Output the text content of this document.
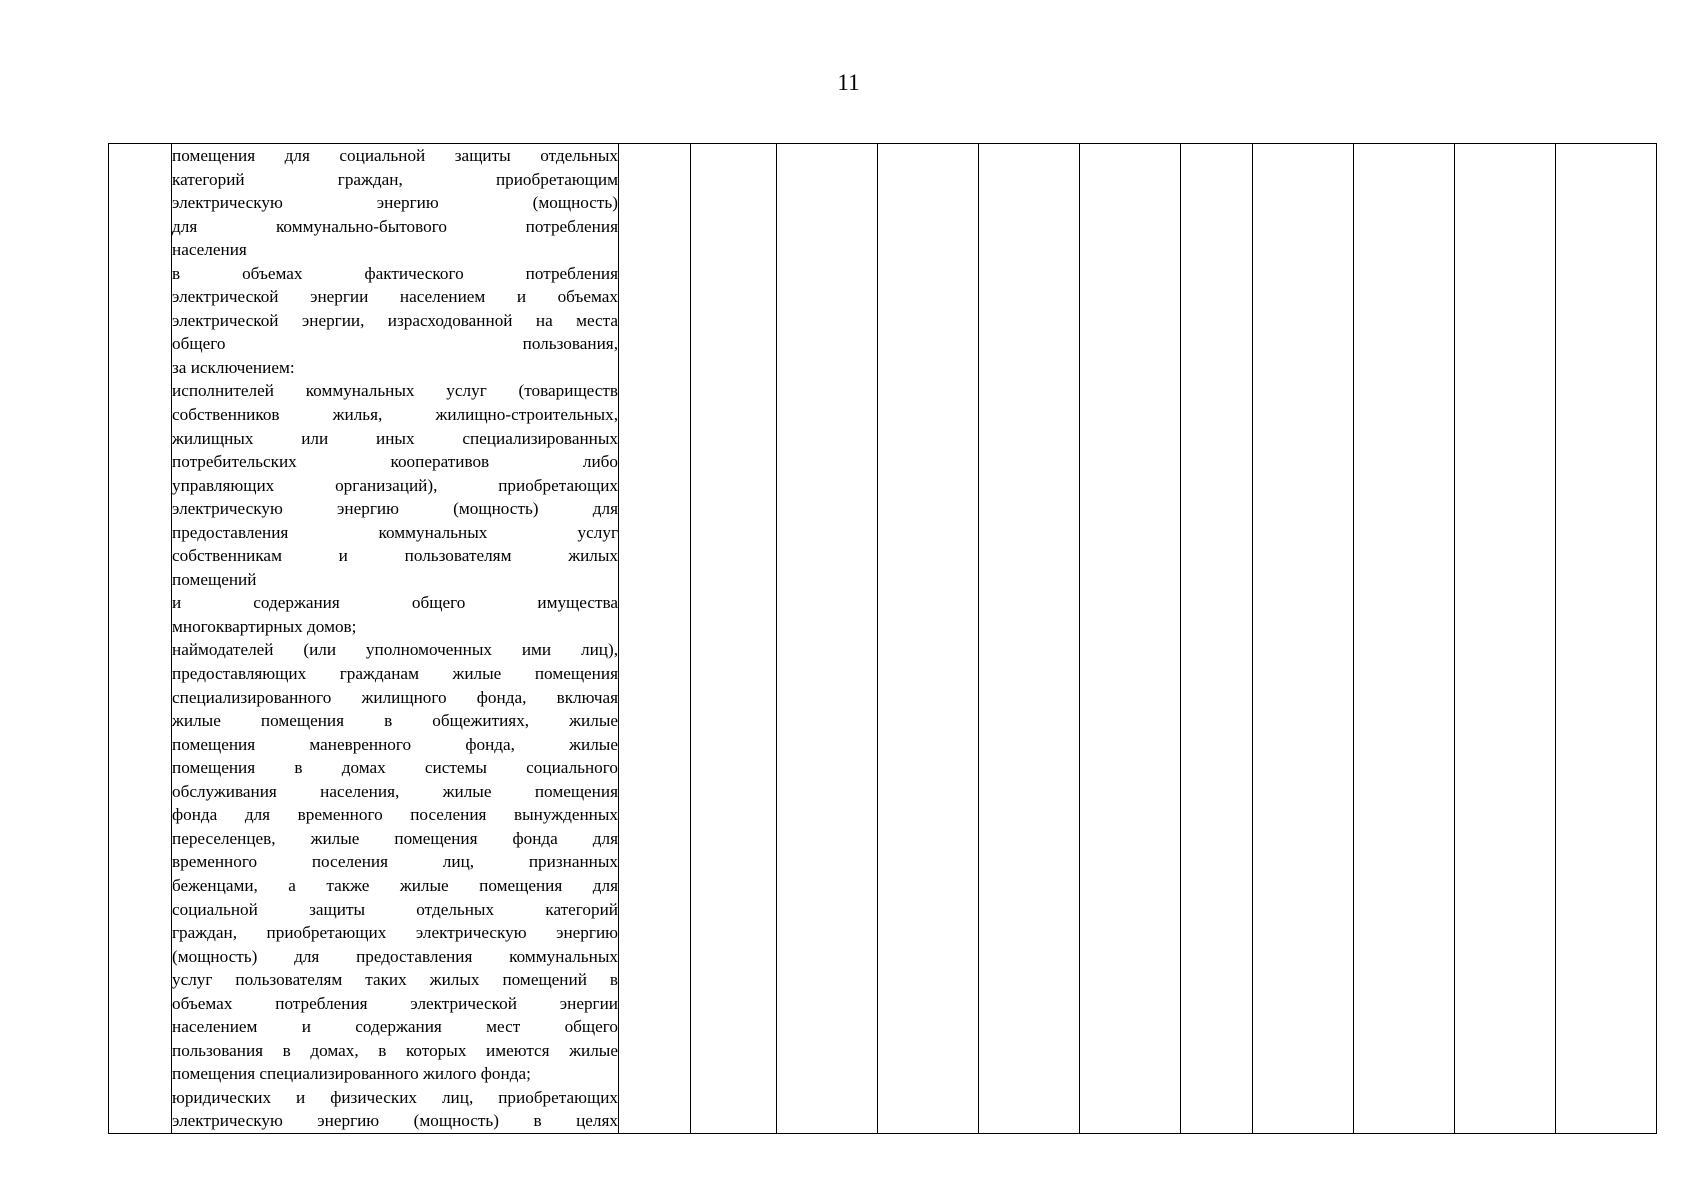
11

помещения для социальной защиты отдельных
категорий граждан, приобретающим
электрическую энергию (мощность)
для коммунально-бытового потребления
населения
в объемах фактического потребления
электрической энергии населением и объемах
электрической энергии, израсходованной на места
общего пользования,
за исключением:
исполнителей коммунальных услуг (товариществ
собственников жилья, жилищно-строительных,
жилищных или иных специализированных
потребительских кооперативов либо
управляющих организаций), приобретающих
электрическую энергию (мощность) для
предоставления коммунальных услуг
собственникам и пользователям жилых
помещений
и содержания общего имущества
многоквартирных домов;
наймодателей (или уполномоченных ими лиц),
предоставляющих гражданам жилые помещения
специализированного жилищного фонда, включая
жилые помещения в общежитиях, жилые
помещения маневренного фонда, жилые
помещения в домах системы социального
обслуживания населения, жилые помещения
фонда для временного поселения вынужденных
переселенцев, жилые помещения фонда для
временного поселения лиц, признанных
беженцами, а также жилые помещения для
социальной защиты отдельных категорий
граждан, приобретающих электрическую энергию
(мощность) для предоставления коммунальных
услуг пользователям таких жилых помещений в
объемах потребления электрической энергии
населением и содержания мест общего
пользования в домах, в которых имеются жилые
помещения специализированного жилого фонда;
юридических и физических лиц, приобретающих
электрическую энергию (мощность) в целях
